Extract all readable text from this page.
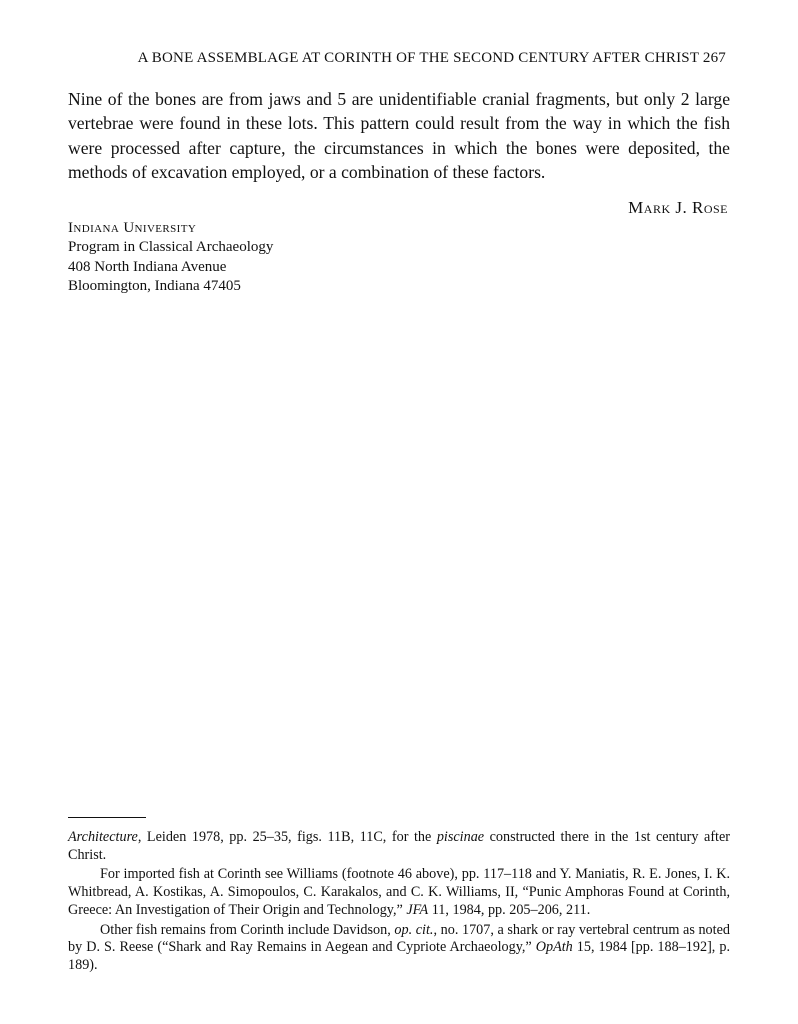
A BONE ASSEMBLAGE AT CORINTH OF THE SECOND CENTURY AFTER CHRIST 267

Nine of the bones are from jaws and 5 are unidentifiable cranial fragments, but only 2 large vertebrae were found in these lots. This pattern could result from the way in which the fish were processed after capture, the circumstances in which the bones were deposited, the methods of excavation employed, or a combination of these factors.

Mark J. Rose
Indiana University
Program in Classical Archaeology
408 North Indiana Avenue
Bloomington, Indiana 47405

Architecture, Leiden 1978, pp. 25–35, figs. 11B, 11C, for the piscinae constructed there in the 1st century after Christ.

For imported fish at Corinth see Williams (footnote 46 above), pp. 117–118 and Y. Maniatis, R. E. Jones, I. K. Whitbread, A. Kostikas, A. Simopoulos, C. Karakalos, and C. K. Williams, II, “Punic Amphoras Found at Corinth, Greece: An Investigation of Their Origin and Technology,” JFA 11, 1984, pp. 205–206, 211.

Other fish remains from Corinth include Davidson, op. cit., no. 1707, a shark or ray vertebral centrum as noted by D. S. Reese (“Shark and Ray Remains in Aegean and Cypriote Archaeology,” OpAth 15, 1984 [pp. 188–192], p. 189).
